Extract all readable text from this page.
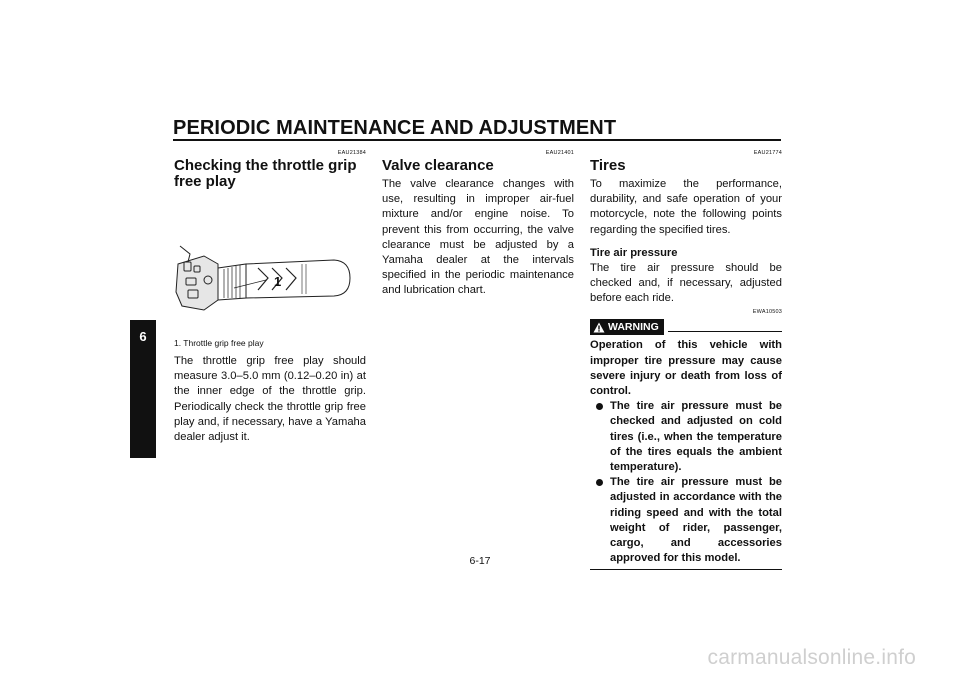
PERIODIC MAINTENANCE AND ADJUSTMENT
6
EAU21384
Checking the throttle grip free play
1
1. Throttle grip free play

The throttle grip free play should measure 3.0–5.0 mm (0.12–0.20 in) at the inner edge of the throttle grip. Periodically check the throttle grip free play and, if necessary, have a Yamaha dealer adjust it.

EAU21401
Valve clearance

The valve clearance changes with use, resulting in improper air-fuel mixture and/or engine noise. To prevent this from occurring, the valve clearance must be adjusted by a Yamaha dealer at the intervals specified in the periodic maintenance and lubrication chart.

EAU21774
Tires

To maximize the performance, durability, and safe operation of your motorcycle, note the following points regarding the specified tires.

Tire air pressure

The tire air pressure should be checked and, if necessary, adjusted before each ride.

EWA10503
WARNING

Operation of this vehicle with improper tire pressure may cause severe injury or death from loss of control.

The tire air pressure must be checked and adjusted on cold tires (i.e., when the temperature of the tires equals the ambient temperature).
The tire air pressure must be adjusted in accordance with the riding speed and with the total weight of rider, passenger, cargo, and accessories approved for this model.
6-17
carmanualsonline.info
